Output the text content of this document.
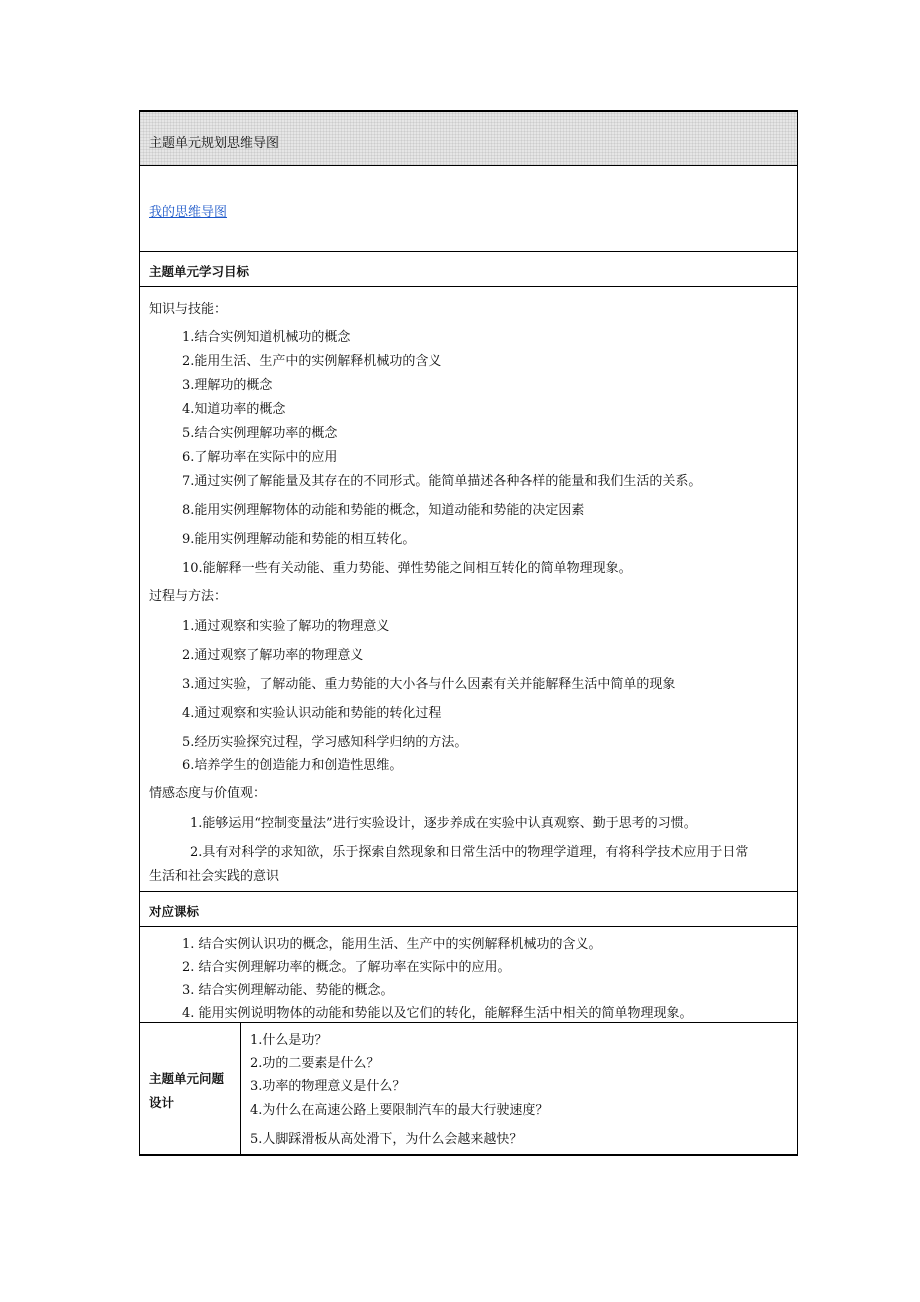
主题单元规划思维导图
我的思维导图
主题单元学习目标
知识与技能：
1.结合实例知道机械功的概念
2.能用生活、生产中的实例解释机械功的含义
3.理解功的概念
4.知道功率的概念
5.结合实例理解功率的概念
6.了解功率在实际中的应用
7.通过实例了解能量及其存在的不同形式。能简单描述各种各样的能量和我们生活的关系。
8.能用实例理解物体的动能和势能的概念，知道动能和势能的决定因素
9.能用实例理解动能和势能的相互转化。
10.能解释一些有关动能、重力势能、弹性势能之间相互转化的简单物理现象。
过程与方法：
1.通过观察和实验了解功的物理意义
2.通过观察了解功率的物理意义
3.通过实验，了解动能、重力势能的大小各与什么因素有关并能解释生活中简单的现象
4.通过观察和实验认识动能和势能的转化过程
5.经历实验探究过程，学习感知科学归纳的方法。
6.培养学生的创造能力和创造性思维。
情感态度与价值观：
1.能够运用“控制变量法”进行实验设计，逐步养成在实验中认真观察、勤于思考的习惯。
2.具有对科学的求知欲，乐于探索自然现象和日常生活中的物理学道理，有将科学技术应用于日常
生活和社会实践的意识
对应课标
1. 结合实例认识功的概念，能用生活、生产中的实例解释机械功的含义。
2. 结合实例理解功率的概念。了解功率在实际中的应用。
3. 结合实例理解动能、势能的概念。
4. 能用实例说明物体的动能和势能以及它们的转化，能解释生活中相关的简单物理现象。
主题单元问题
设计
1.什么是功？
2.功的二要素是什么？
3.功率的物理意义是什么？
4.为什么在高速公路上要限制汽车的最大行驶速度？
5.人脚踩滑板从高处滑下，为什么会越来越快？
